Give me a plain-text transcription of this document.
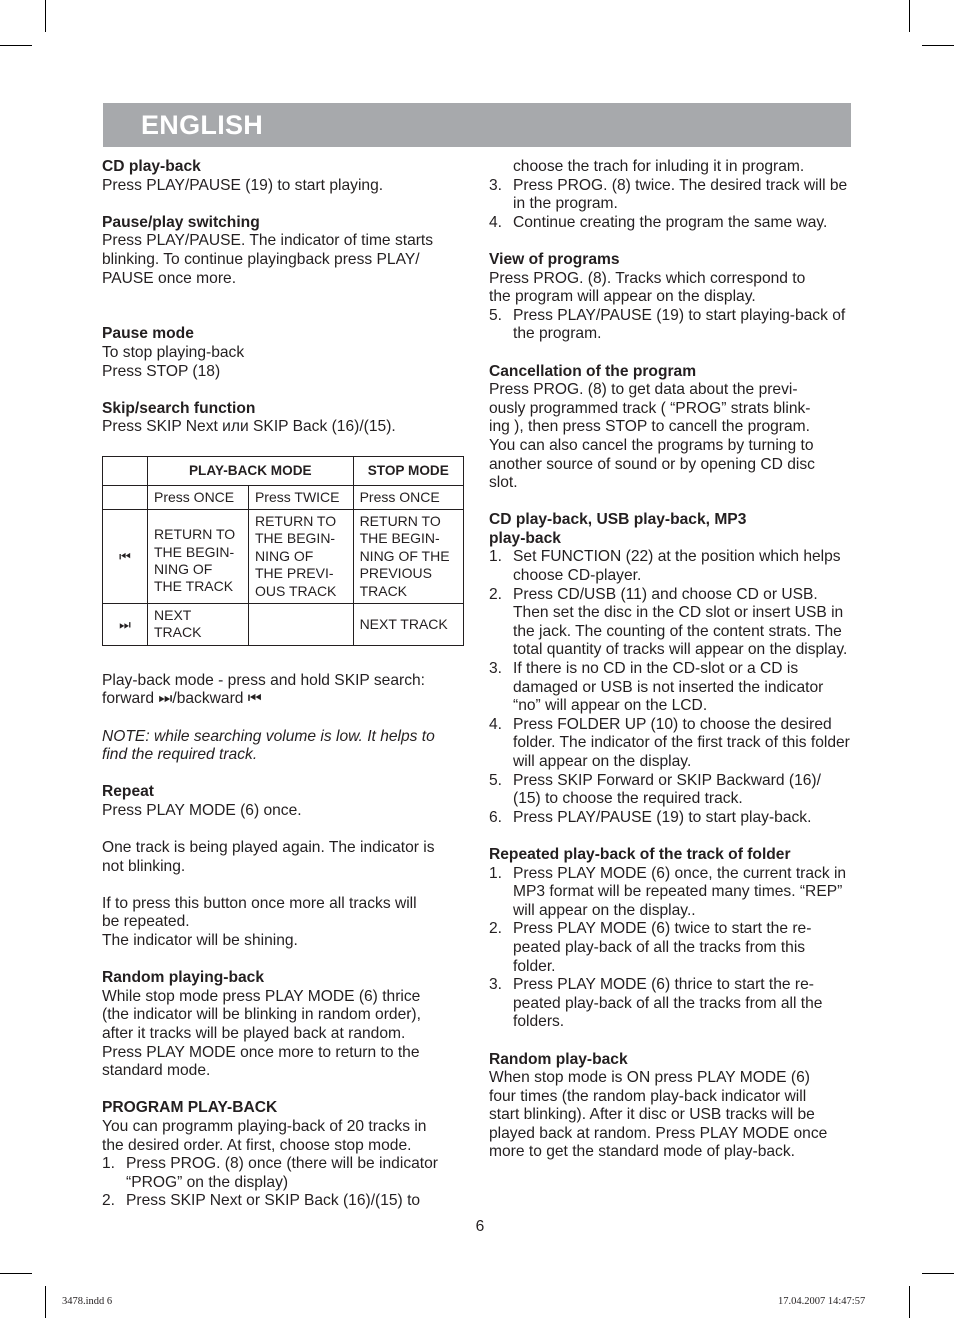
ENGLISH
CD play-back
Press PLAY/PAUSE (19) to start playing.
Pause/play switching
Press PLAY/PAUSE. The indicator of time starts
blinking. To continue playingback press PLAY/
PAUSE once more.
Pause mode
To stop playing-back
Press STOP (18)
Skip/search function
Press SKIP Next или SKIP Back (16)/(15).
	PLAY-BACK MODE		STOP MODE
	Press ONCE	Press TWICE	Press ONCE
⏮	RETURN TO
THE BEGIN-
NING OF
THE TRACK	RETURN TO
THE BEGIN-
NING OF
THE PREVI-
OUS TRACK	RETURN TO
THE BEGIN-
NING OF THE
PREVIOUS
TRACK
⏭	NEXT
TRACK		NEXT TRACK
Play-back mode - press and hold SKIP search:
forward ⏭/backward ⏮
NOTE: while searching volume is low. It helps to
find the required track.
Repeat
Press PLAY MODE (6) once.
One track is being played again. The indicator is
not blinking.
If to press this button once more all tracks will
be repeated.
The indicator will be shining.
Random playing-back
While stop mode press PLAY MODE (6) thrice
(the indicator will be blinking in random order),
after it tracks will be played back at random.
Press PLAY MODE once more to return to the
standard mode.
PROGRAM PLAY-BACK
You can programm playing-back of 20 tracks in
the desired order. At first, choose stop mode.
1. Press PROG. (8) once (there will be indicator “PROG” on the display)
2. Press SKIP Next or SKIP Back (16)/(15) to
choose the trach for inluding it in program.
3. Press PROG. (8) twice. The desired track will be in the program.
4. Continue creating the program the same way.
View of programs
Press PROG. (8). Tracks which correspond to
the program will appear on the display.
5. Press PLAY/PAUSE (19) to start playing-back of the program.
Cancellation of the program
Press PROG. (8) to get data about the previ-
ously programmed track ( “PROG” strats blink-
ing ), then press STOP to cancell the program.
You can also cancel the programs by turning to
another source of sound or by opening CD disc
slot.
CD play-back, USB play-back, MP3
play-back
1. Set FUNCTION (22) at the position which helps choose CD-player.
2. Press CD/USB (11) and choose CD or USB. Then set the disc in the CD slot or insert USB in the jack. The counting of the content strats. The total quantity of tracks will appear on the display.
3. If there is no CD in the CD-slot or a CD is damaged or USB is not inserted the indicator “no” will appear on the LCD.
4. Press FOLDER UP (10) to choose the desired folder. The indicator of the first track of this folder will appear on the display.
5. Press SKIP Forward or SKIP Backward (16)/ (15) to choose the required track.
6. Press PLAY/PAUSE (19) to start play-back.
Repeated play-back of the track of folder
1. Press PLAY MODE (6) once, the current track in MP3 format will be repeated many times. “REP” will appear on the display..
2. Press PLAY MODE (6) twice to start the re- peated play-back of all the tracks from this folder.
3. Press PLAY MODE (6) thrice to start the re- peated play-back of all the tracks from all the folders.
Random play-back
When stop mode is ON press PLAY MODE (6)
four times (the random play-back indicator will
start blinking). After it disc or USB tracks will be
played back at random. Press PLAY MODE once
more to get the standard mode of play-back.
6
3478.indd 6	17.04.2007 14:47:57
